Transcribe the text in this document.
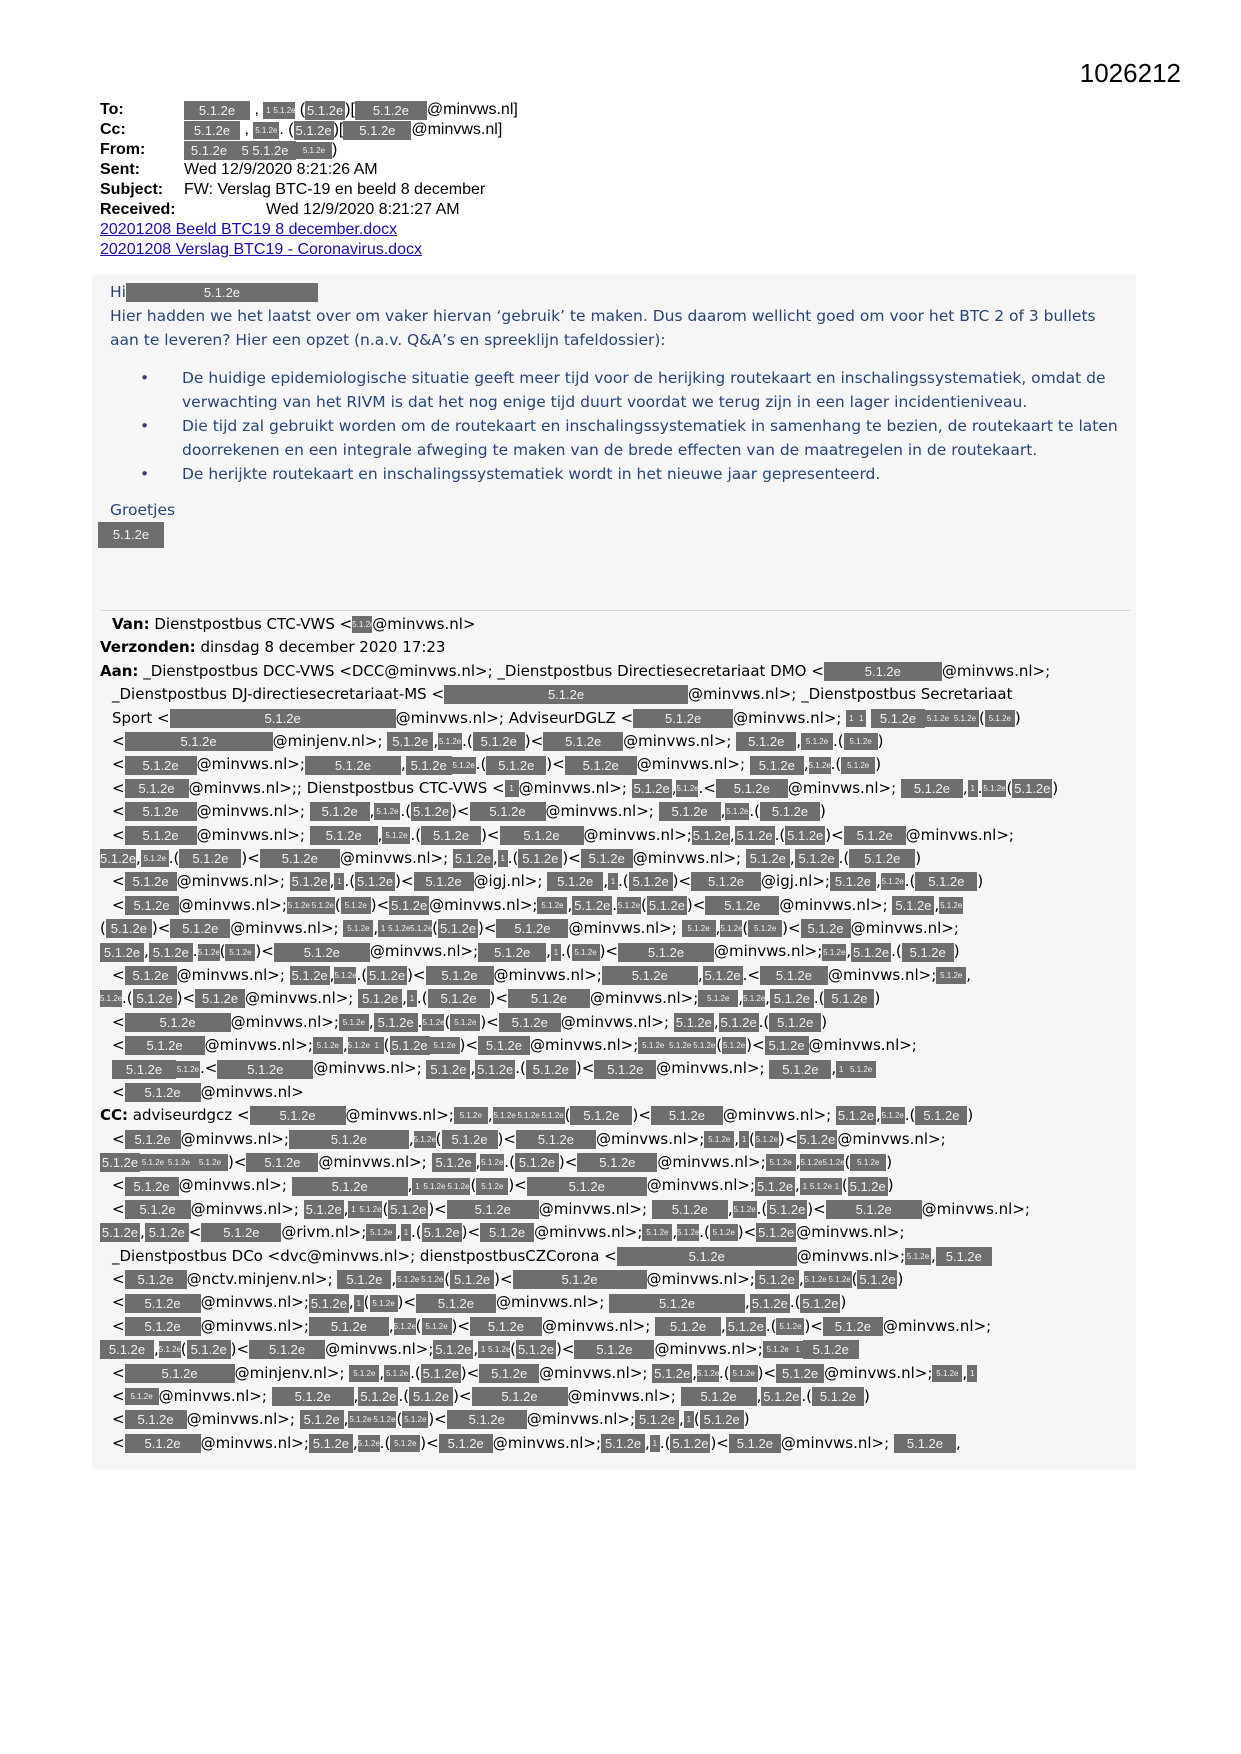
1026212
To:	5.1.2e , 1 5.1.2e ( 5.1.2e )[	5.1.2e	@minvws.nl]
Cc:	5.1.2e , 5.1.2e . ( 5.1.2e )[	5.1.2e @minvws.nl]
From:	5.1.2e	5 5.1.2e	5.1.2e )
Sent:	Wed 12/9/2020 8:21:26 AM
Subject:	FW: Verslag BTC-19 en beeld 8 december
Received:	Wed 12/9/2020 8:21:27 AM
20201208 Beeld BTC19 8 december.docx
20201208 Verslag BTC19 - Coronavirus.docx
Hi	5.1.2e
Hier hadden we het laatst over om vaker hiervan ‘gebruik’ te maken. Dus daarom wellicht goed om voor het BTC 2 of 3 bullets aan te leveren? Hier een opzet (n.a.v. Q&A’s en spreeklijn tafeldossier):
• De huidige epidemiologische situatie geeft meer tijd voor de herijking routekaart en inschalingssystematiek, omdat de verwachting van het RIVM is dat het nog enige tijd duurt voordat we terug zijn in een lager incidentieniveau.
• Die tijd zal gebruikt worden om de routekaart en inschalingssystematiek in samenhang te bezien, de routekaart te laten doorrekenen en een integrale afweging te maken van de brede effecten van de maatregelen in de routekaart.
• De herijkte routekaart en inschalingssystematiek wordt in het nieuwe jaar gepresenteerd.
Groetjes
5.1.2e
Van:
Dienstpostbus CTC-VWS < 5.1.2e
@minvws.nl>
Verzonden:
dinsdag 8 december 2020 17:23
Aan:
_Dienstpostbus DCC-VWS <DCC@minvws.nl>; _Dienstpostbus Directiesecretariaat DMO <	5.1.2e	@minvws.nl>;
_Dienstpostbus DJ-directiesecretariaat-MS <	5.1.2e	@minvws.nl> ; _Dienstpostbus Secretariaat
Sport <	5.1.2e	@minvws.nl> ; AdviseurDGLZ <	5.1.2e	@minvws.nl>;
1 1
	5.1.2e	5.1.2e 5.1.2e ( 5.1.2e )
<	5.1.2e	@minjenv.nl>;
5.1.2e , 5.1.2e .( 5.1.2e )<	5.1.2e	@minvws.nl>;
	5.1.2e , 5.1.2e .( 5.1.2e )
<	5.1.2e	@minvws.nl>;	5.1.2e	, 5.1.2e 5.1.2e .( 5.1.2e )<	5.1.2e	@minvws.nl>;
	5.1.2e , 5.1.2e .( 5.1.2e )
<	5.1.2e @minvws.nl>; ; Dienstpostbus CTC-VWS < 1 @minvws.nl>;
5.1.2e , 5.1.2e .<	5.1.2e	@minvws.nl>;
	5.1.2e , 1 . 5.1.2e ( 5.1.2e )
<	5.1.2e	@minvws.nl>;
	5.1.2e , 5.1.2e .( 5.1.2e )<	5.1.2e	@minvws.nl>;
	5.1.2e , 5.1.2e .( 5.1.2e )
<	5.1.2e	@minvws.nl>;
	5.1.2e	, 5.1.2e .( 5.1.2e )<	5.1.2e	@minvws.nl>; 5.1.2e , 5.1.2e .( 5.1.2e )< 5.1.2e @minvws.nl>;
5.1.2e , 5.1.2e .( 5.1.2e )<	5.1.2e	@minvws.nl>;
5.1.2e , 1 .( 5.1.2e )< 5.1.2e @minvws.nl>;
5.1.2e , 5.1.2e .(	5.1.2e )
< 5.1.2e @minvws.nl>;
5.1.2e , 1 .( 5.1.2e )< 5.1.2e @igj.nl>;
	5.1.2e , 1 .( 5.1.2e )<	5.1.2e	@igj.nl>; 5.1.2e , 5.1.2e .( 5.1.2e )
< 5.1.2e @minvws.nl>; 5.1.2e 5.1.2e ( 5.1.2e )< 5.1.2e @minvws.nl>; 5.1.2e , 5.1.2e . 5.1.2e ( 5.1.2e )<	5.1.2e	@minvws.nl>;
5.1.2e , 5.1.2e
( 5.1.2e )< 5.1.2e @minvws.nl>;
	5.1.2e , 1 5.1.2e 5.1.2e ( 5.1.2e )<	5.1.2e	@minvws.nl>;
	5.1.2e , 5.1.2e ( 5.1.2e )< 5.1.2e @minvws.nl>;
5.1.2e , 5.1.2e . 5.1.2e ( 5.1.2e )<	5.1.2e	@minvws.nl>;	5.1.2e	, 1 .( 5.1.2e )<	5.1.2e	@minvws.nl>; 5.1.2e , 5.1.2e .( 5.1.2e )
< 5.1.2e @minvws.nl>;
5.1.2e , 5.1.2e .( 5.1.2e )<	5.1.2e	@minvws.nl>;	5.1.2e	, 5.1.2e .<	5.1.2e	@minvws.nl>; 5.1.2e ,
5.1.2e .( 5.1.2e )< 5.1.2e @minvws.nl>;
5.1.2e , 1 .( 5.1.2e )<	5.1.2e	@minvws.nl>;	5.1.2e , 5.1.2e , 5.1.2e .( 5.1.2e )
<	5.1.2e	@minvws.nl>; 5.1.2e , 5.1.2e . 5.1.2e ( 5.1.2e )< 5.1.2e @minvws.nl>;
5.1.2e , 5.1.2e .( 5.1.2e )
<	5.1.2e	@minvws.nl>; 5.1.2e , 5.1.2e 1 ( 5.1.2e 5.1.2e )< 5.1.2e @minvws.nl>; 5.1.2e 5.1.2e 5.1.2e ( 5.1.2e )< 5.1.2e @minvws.nl>;
5.1.2e	5.1.2e .<	5.1.2e	@minvws.nl>;
5.1.2e , 5.1.2e .( 5.1.2e )< 5.1.2e @minvws.nl>;
	5.1.2e , 1 5.1.2e
<	5.1.2e	@minvws.nl>
CC:
adviseurdgcz <	5.1.2e	@minvws.nl>; 5.1.2e , 5.1.2e 5.1.2e 5.1.2e ( 5.1.2e )<	5.1.2e	@minvws.nl>;
5.1.2e , 5.1.2e .( 5.1.2e )
< 5.1.2e @minvws.nl>;	5.1.2e	, 5.1.2e ( 5.1.2e )<	5.1.2e	@minvws.nl>; 5.1.2e , 1 ( 5.1.2e )< 5.1.2e @minvws.nl>;
5.1.2e 5.1.2e 5.1.2e	5.1.2e )<	5.1.2e	@minvws.nl>;
5.1.2e , 5.1.2e .( 5.1.2e )<	5.1.2e	@minvws.nl>; 5.1.2e , 5.1.2e 5.1.2e ( 5.1.2e )
< 5.1.2e @minvws.nl>;
	5.1.2e	, 1 5.1.2e 5.1.2e ( 5.1.2e )<	5.1.2e	@minvws.nl>; 5.1.2e , 1 5.1.2e 1 ( 5.1.2e )
<	5.1.2e @minvws.nl>;
5.1.2e , 1 5.1.2e ( 5.1.2e )<	5.1.2e	@minvws.nl>;
	5.1.2e	, 5.1.2e .( 5.1.2e )<	5.1.2e	@minvws.nl>;
5.1.2e , 5.1.2e <	5.1.2e	@rivm.nl>; 5.1.2e , 1 .( 5.1.2e )< 5.1.2e @minvws.nl>; 5.1.2e , 5.1.2e .( 5.1.2e )< 5.1.2e @minvws.nl>;
_Dienstpostbus DCo <dvc@minvws.nl>; dienstpostbusCZCorona <	5.1.2e	@minvws.nl>; 5.1.2e , 5.1.2e
< 5.1.2e @nctv.minjenv.nl>;
	5.1.2e , 5.1.2e 5.1.2e ( 5.1.2e )<	5.1.2e	@minvws.nl>; 5.1.2e , 5.1.2e 5.1.2e ( 5.1.2e )
<	5.1.2e	@minvws.nl>; 5.1.2e , 1 ( 5.1.2e )<	5.1.2e	@minvws.nl>;
	5.1.2e	, 5.1.2e .( 5.1.2e )
<	5.1.2e	@minvws.nl>;	5.1.2e	, 5.1.2e ( 5.1.2e )<	5.1.2e	@minvws.nl>;
	5.1.2e , 5.1.2e .( 5.1.2e )< 5.1.2e @minvws.nl>;
5.1.2e , 5.1.2e ( 5.1.2e )<	5.1.2e	@minvws.nl>; 5.1.2e , 1 5.1.2e ( 5.1.2e )<	5.1.2e	@minvws.nl>; 5.1.2e 1 5.1.2e
<	5.1.2e	@minjenv.nl>;
	5.1.2e , 5.1.2e .( 5.1.2e )< 5.1.2e @minvws.nl>;
5.1.2e , 5.1.2e .( 5.1.2e )< 5.1.2e @minvws.nl>; 5.1.2e , 1
< 5.1.2e @minvws.nl>;
	5.1.2e	, 5.1.2e .( 5.1.2e )<	5.1.2e	@minvws.nl>;
	5.1.2e	, 5.1.2e .( 5.1.2e )
< 5.1.2e @minvws.nl>;
5.1.2e , 5.1.2e 5.1.2e ( 5.1.2e )<	5.1.2e	@minvws.nl>; 5.1.2e , 1 ( 5.1.2e )
<	5.1.2e	@minvws.nl>; 5.1.2e , 5.1.2e .( 5.1.2e )< 5.1.2e @minvws.nl>; 5.1.2e , 1 .( 5.1.2e )< 5.1.2e @minvws.nl>;
	5.1.2e ,
